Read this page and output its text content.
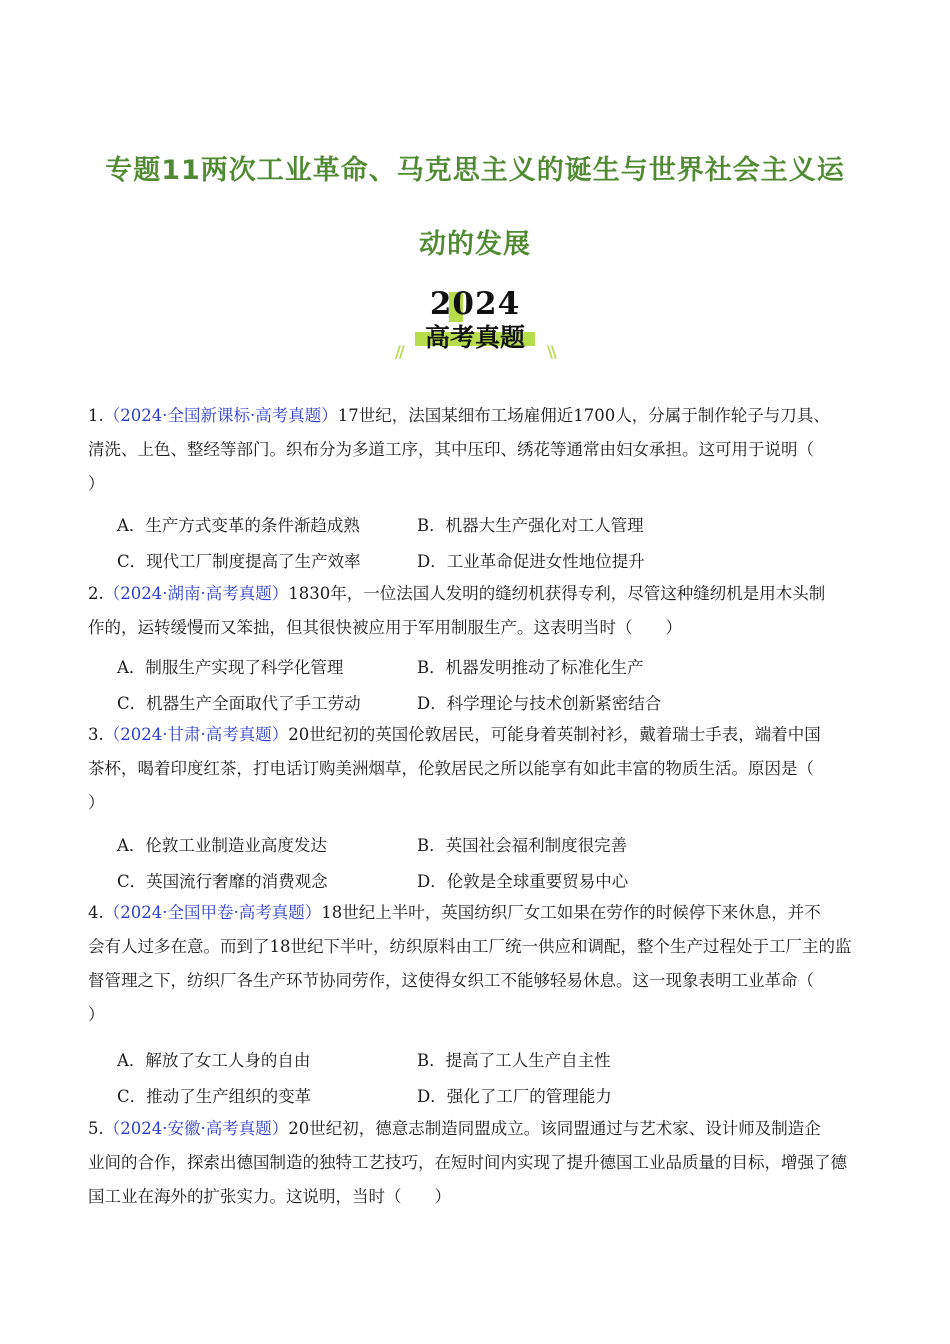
专题11两次工业革命、马克思主义的诞生与世界社会主义运
动的发展
2024
高考真题
//	\\
1.（2024·全国新课标·高考真题）17世纪，法国某细布工场雇佣近1700人，分属于制作轮子与刀具、
清洗、上色、整经等部门。织布分为多道工序，其中压印、绣花等通常由妇女承担。这可用于说明（
）
A．生产方式变革的条件渐趋成熟	B．机器大生产强化对工人管理
C．现代工厂制度提高了生产效率	D．工业革命促进女性地位提升
2.（2024·湖南·高考真题）1830年，一位法国人发明的缝纫机获得专利，尽管这种缝纫机是用木头制
作的，运转缓慢而又笨拙，但其很快被应用于军用制服生产。这表明当时（　　）
A．制服生产实现了科学化管理	B．机器发明推动了标准化生产
C．机器生产全面取代了手工劳动	D．科学理论与技术创新紧密结合
3.（2024·甘肃·高考真题）20世纪初的英国伦敦居民，可能身着英制衬衫，戴着瑞士手表，端着中国
茶杯，喝着印度红茶，打电话订购美洲烟草，伦敦居民之所以能享有如此丰富的物质生活。原因是（
）
A．伦敦工业制造业高度发达	B．英国社会福利制度很完善
C．英国流行奢靡的消费观念	D．伦敦是全球重要贸易中心
4.（2024·全国甲卷·高考真题）18世纪上半叶，英国纺织厂女工如果在劳作的时候停下来休息，并不
会有人过多在意。而到了18世纪下半叶，纺织原料由工厂统一供应和调配，整个生产过程处于工厂主的监
督管理之下，纺织厂各生产环节协同劳作，这使得女织工不能够轻易休息。这一现象表明工业革命（
）
A．解放了女工人身的自由	B．提高了工人生产自主性
C．推动了生产组织的变革	D．强化了工厂的管理能力
5.（2024·安徽·高考真题）20世纪初，德意志制造同盟成立。该同盟通过与艺术家、设计师及制造企
业间的合作，探索出德国制造的独特工艺技巧，在短时间内实现了提升德国工业品质量的目标，增强了德
国工业在海外的扩张实力。这说明，当时（　　）
